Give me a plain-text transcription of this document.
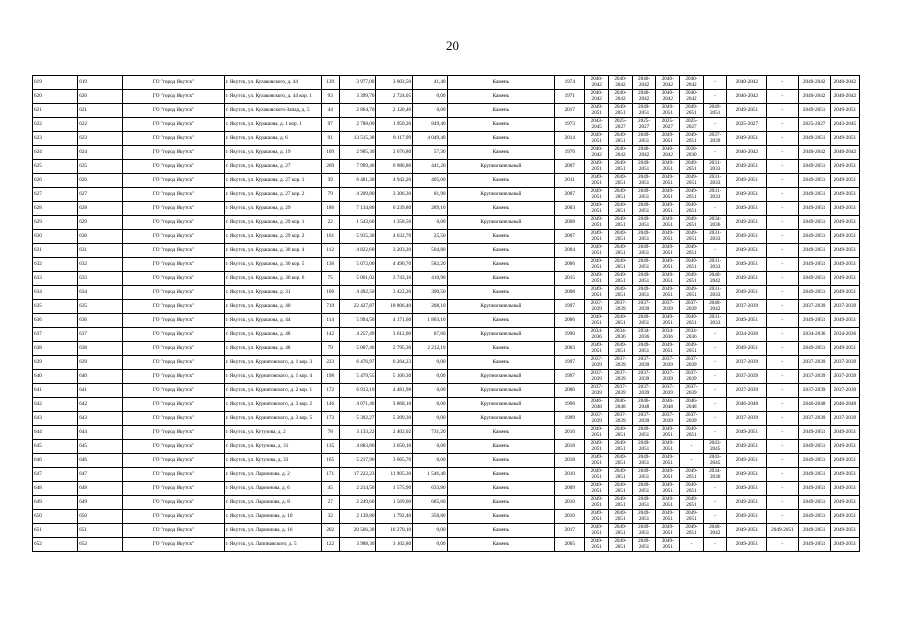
20
619	619	ГО "город Якутск"	г. Якутск, ул. Кулаковского, д. 44	139	3 977,00	3 603,50	41,40	Камень	1974	2040-2042	2040-2042	2040-2042	2040-2042	2040-2042	-	2040-2042	-	2040-2042	2040-2042
620	620	ГО "город Якутск"	г. Якутск, ул. Кулаковского, д. 44 кор. 1	93	3 399,70	2 724,05	0,00	Камень	1971	2040-2042	2040-2042	2040-2042	2040-2042	2040-2042	-	2040-2042	-	2040-2042	2040-2042
621	621	ГО "город Якутск"	г. Якутск, ул. Кулаковского-Запад, д. 5	44	2 864,70	2 120,40	0,00	Камень	2017	2049-2051	2049-2051	2049-2051	2049-2051	2049-2051	2049-2051	2049-2051	-	2049-2051	2049-2051
622	622	ГО "город Якутск"	г. Якутск, ул. Курашова, д. 1 кор. 1	97	2 788,00	1 950,20	849,40	Камень	1973	2043-2045	2025-2027	2025-2027	2025-2027	2025-2027	-	2025-2027	-	2025-2027	2043-2045
623	623	ГО "город Якутск"	г. Якутск, ул. Курашова, д. 6	91	13 515,38	8 117,99	4 049,40	Камень	2014	2049-2051	2049-2051	2049-2051	2049-2051	2049-2051	2037-2039	2049-2051	-	2049-2051	2049-2051
624	624	ГО "город Якутск"	г. Якутск, ул. Курашова, д. 19	109	2 905,30	2 676,80	57,30	Камень	1970	2040-2042	2040-2042	2040-2042	2040-2042	2028-2030	-	2040-2042	-	2040-2042	2040-2042
625	625	ГО "город Якутск"	г. Якутск, ул. Курашова, д. 27	269	7 999,40	6 986,80	441,20	Крупнопанельный	2007	2049-2051	2049-2051	2049-2051	2049-2051	2049-2051	2031-2033	2049-2051	-	2049-2051	2049-2051
626	626	ГО "город Якутск"	г. Якутск, ул. Курашова, д. 27 кор. 1	39	6 481,30	4 942,20	405,00	Камень	2011	2049-2051	2049-2051	2049-2051	2049-2051	2049-2051	2031-2033	2049-2051	-	2049-2051	2049-2051
627	627	ГО "город Якутск"	г. Якутск, ул. Курашова, д. 27 кор. 2	79	4 209,80	3 306,30	81,90	Крупнопанельный	2007	2049-2051	2049-2051	2049-2051	2049-2051	2049-2051	2031-2033	2049-2051	-	2049-2051	2049-2051
628	628	ГО "город Якутск"	г. Якутск, ул. Курашова, д. 29	186	7 134,80	6 239,80	289,10	Камень	2003	2049-2051	2049-2051	2049-2051	2049-2051	2049-2051	-	2049-2051	-	2049-2051	2049-2051
629	629	ГО "город Якутск"	г. Якутск, ул. Курашова, д. 29 кор. 1	22	1 543,60	1 358,50	0,00	Крупнопанельный	2008	2049-2051	2049-2051	2049-2051	2049-2051	2049-2051	2034-2036	2049-2051	-	2049-2051	2049-2051
630	630	ГО "город Якутск"	г. Якутск, ул. Курашова, д. 29 кор. 2	161	5 915,30	4 632,70	25,50	Камень	2007	2049-2051	2049-2051	2049-2051	2049-2051	2049-2051	2031-2033	2049-2051	-	2049-2051	2049-2051
631	631	ГО "город Якутск"	г. Якутск, ул. Курашова, д. 30 кор. 4	112	4 822,60	3 203,20	504,80	Камень	2004	2049-2051	2049-2051	2049-2051	2049-2051	2049-2051	-	2049-2051	-	2049-2051	2049-2051
632	632	ГО "город Якутск"	г. Якутск, ул. Курашова, д. 30 кор. 5	136	5 072,00	4 490,70	582,20	Камень	2006	2049-2051	2049-2051	2049-2051	2049-2051	2049-2051	2031-2033	2049-2051	-	2049-2051	2049-2051
633	633	ГО "город Якутск"	г. Якутск, ул. Курашова, д. 30 кор. 6	75	5 061,02	3 743,16	410,90	Камень	2015	2049-2051	2049-2051	2049-2051	2049-2051	2049-2051	2040-2042	2049-2051	-	2049-2051	2049-2051
634	634	ГО "город Якутск"	г. Якутск, ул. Курашова, д. 31	106	4 492,50	3 422,20	390,50	Камень	2008	2049-2051	2049-2051	2049-2051	2049-2051	2049-2051	2031-2033	2049-2051	-	2049-2051	2049-2051
635	635	ГО "город Якутск"	г. Якутск, ул. Курашова, д. 40	719	22 427,87	18 806,40	208,10	Крупнопанельный	1997	2037-2039	2037-2039	2037-2039	2037-2039	2037-2039	2040-2042	2037-2039	-	2037-2039	2037-2039
636	636	ГО "город Якутск"	г. Якутск, ул. Курашова, д. 44	114	5 994,50	4 171,60	1 803,10	Камень	2006	2049-2051	2049-2051	2049-2051	2049-2051	2049-2051	2031-2033	2049-2051	-	2049-2051	2049-2051
637	637	ГО "город Якутск"	г. Якутск, ул. Курашова, д. 48	142	4 257,49	3 612,00	87,60	Крупнопанельный	1990	2034-2036	2034-2036	2034-2036	2034-2036	2034-2036	-	2034-2036	-	2034-2036	2034-2036
638	638	ГО "город Якутск"	г. Якутск, ул. Курашова, д. 48	79	5 007,40	2 795,30	2 212,10	Камень	2003	2049-2051	2049-2051	2049-2051	2049-2051	2049-2051	-	2049-2051	-	2049-2051	2049-2051
639	639	ГО "город Якутск"	г. Якутск, ул. Курнатовского, д. 1 кор. 3	223	6 476,97	6 264,23	0,00	Камень	1997	2037-2039	2037-2039	2037-2039	2037-2039	2037-2039	-	2037-2039	-	2037-2039	2037-2039
640	640	ГО "город Якутск"	г. Якутск, ул. Курнатовского, д. 1 кор. 4	198	5 479,55	5 100,30	0,00	Крупнопанельный	1997	2037-2039	2037-2039	2037-2039	2037-2039	2037-2039	-	2037-2039	-	2037-2039	2037-2039
641	641	ГО "город Якутск"	г. Якутск, ул. Курнатовского, д. 2 кор. 1	172	6 913,10	4 481,98	0,00	Крупнопанельный	2000	2037-2039	2037-2039	2037-2039	2037-2039	2037-2039	-	2037-2039	-	2037-2039	2037-2039
642	642	ГО "город Якутск"	г. Якутск, ул. Курнатовского, д. 3 кор. 2	146	4 071,40	3 868,10	0,00	Крупнопанельный	1996	2046-2048	2046-2048	2046-2048	2046-2048	2046-2048	-	2046-2048	-	2046-2048	2046-2048
643	643	ГО "город Якутск"	г. Якутск, ул. Курнатовского, д. 3 кор. 5	173	5 392,27	5 209,30	0,00	Крупнопанельный	1999	2037-2039	2037-2039	2037-2039	2037-2039	2037-2039	-	2037-2039	-	2037-2039	2037-2039
644	644	ГО "город Якутск"	г. Якутск, ул. Кутузова, д. 2	78	3 133,22	2 402,02	731,20	Камень	2010	2049-2051	2049-2051	2049-2051	2049-2051	2049-2051	-	2049-2051	-	2049-2051	2049-2051
645	645	ГО "город Якутск"	г. Якутск, ул. Кутузова, д. 31	135	4 883,80	3 650,10	0,00	Камень	2018	2049-2051	2049-2051	2049-2051	2049-2051	-	2043-2045	2049-2051	-	2049-2051	2049-2051
646	646	ГО "город Якутск"	г. Якутск, ул. Кутузова, д. 33	165	5 217,96	3 665,70	0,00	Камень	2018	2049-2051	2049-2051	2049-2051	2049-2051	-	2043-2045	2049-2051	-	2049-2051	2049-2051
647	647	ГО "город Якутск"	г. Якутск, ул. Ларионова, д. 2	171	17 222,23	11 905,30	1 546,40	Камень	2010	2049-2051	2049-2051	2049-2051	2049-2051	2049-2051	2034-2036	2049-2051	-	2049-2051	2049-2051
648	648	ГО "город Якутск"	г. Якутск, ул. Ларионова, д. 6	45	2 214,50	1 575,90	633,80	Камень	2009	2049-2051	2049-2051	2049-2051	2049-2051	2049-2051	-	2049-2051	-	2049-2051	2049-2051
649	649	ГО "город Якутск"	г. Якутск, ул. Ларионова, д. 8	27	2 249,60	1 569,00	685,60	Камень	2010	2049-2051	2049-2051	2049-2051	2049-2051	2049-2051	-	2049-2051	-	2049-2051	2049-2051
650	650	ГО "город Якутск"	г. Якутск, ул. Ларионова, д. 10	32	2 139,80	1 792,40	358,80	Камень	2010	2049-2051	2049-2051	2049-2051	2049-2051	2049-2051	-	2049-2051	-	2049-2051	2049-2051
651	651	ГО "город Якутск"	г. Якутск, ул. Ларионова, д. 16	202	20 566,30	16 270,10	0,00	Камень	2017	2049-2051	2049-2051	2049-2051	2049-2051	2049-2051	2040-2042	2049-2051	2049-2051	2049-2051	2049-2051
652	652	ГО "город Якутск"	г. Якутск, ул. Лаппнавского, д. 5	122	3 988,30	3 102,80	0,00	Камень	2005	2049-2051	2049-2051	2049-2051	2049-2051	-	-	2049-2051	-	2049-2051	2049-2051
